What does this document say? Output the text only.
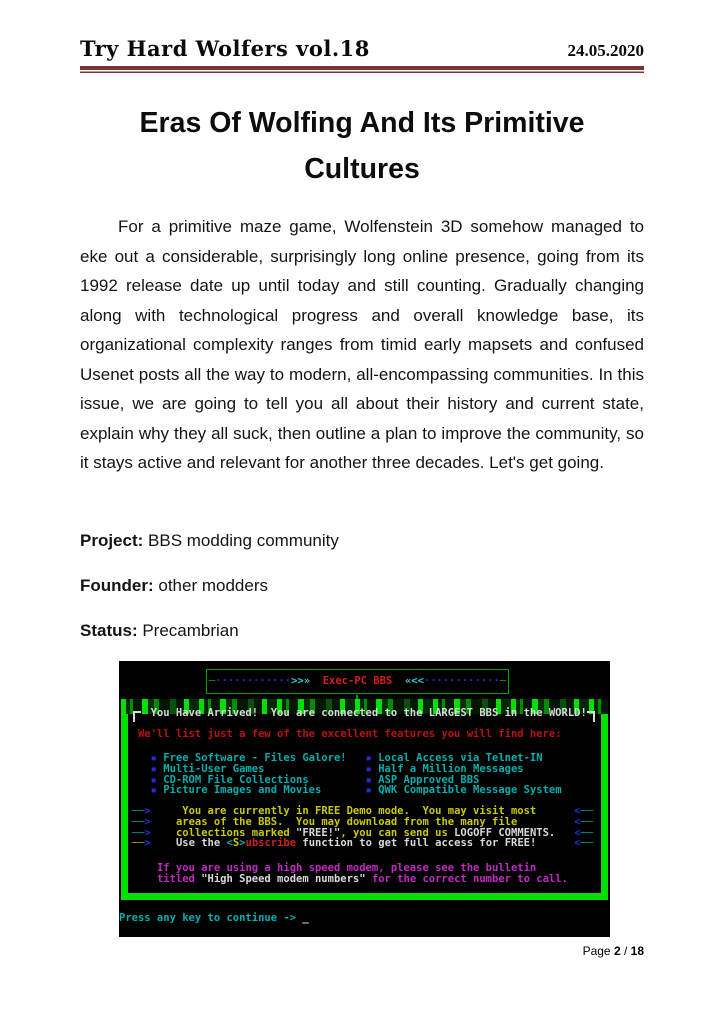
Try Hard Wolfers vol.18	24.05.2020
Eras Of Wolfing And Its Primitive Cultures

For a primitive maze game, Wolfenstein 3D somehow managed to eke out a considerable, surprisingly long online presence, going from its 1992 release date up until today and still counting. Gradually changing along with technological progress and overall knowledge base, its organizational complexity ranges from timid early mapsets and confused Usenet posts all the way to modern, all-encompassing communities. In this issue, we are going to tell you all about their history and current state, explain why they all suck, then outline a plan to improve the community, so it stays active and relevant for another three decades. Let's get going.

Project: BBS modding community
Founder: other modders
Status: Precambrian
─············>>» Exec-PC BBS «<<············─
You Have Arrived!  You are connected to the LARGEST BBS in the WORLD!
We'll list just a few of the excellent features you will find here:
▪ Free Software - Files Galore! ▪ Local Access via Telnet-IN
▪ Multi-User Games	▪ Half a Million Messages
▪ CD-ROM File Collections	▪ ASP Approved BBS
▪ Picture Images and Movies	▪ QWK Compatible Message System
──>	You are currently in FREE Demo mode.  You may visit most	<──
──> areas of the BBS.  You may download from the many file	<──
──> collections marked "FREE!", you can send us LOGOFF COMMENTS. <──
──> Use the <S>ubscribe function to get full access for FREE!	<──
If you are using a high speed modem, please see the bulletin
titled "High Speed modem numbers" for the correct number to call.
Press any key to continue -> _
Page 2 / 18
